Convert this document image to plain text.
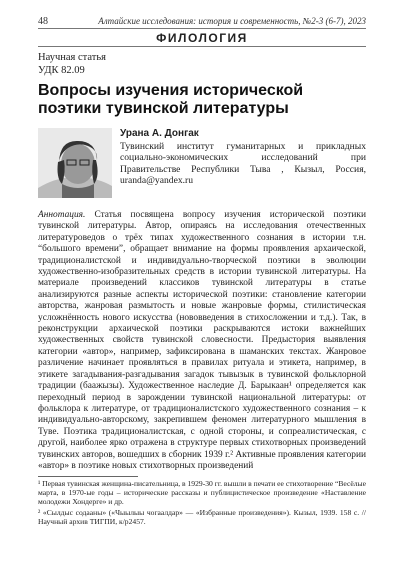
48	Алтайские исследования: история и современность, №2-3 (6-7), 2023
ФИЛОЛОГИЯ
Научная статья
УДК 82.09
Вопросы изучения исторической поэтики тувинской литературы
Урана А. Донгак
Тувинский институт гуманитарных и прикладных социально-экономических исследований при Правительстве Республики Тыва , Кызыл, Россия, uranda@yandex.ru
Аннотация. Статья посвящена вопросу изучения исторической поэтики тувинской литературы. Автор, опираясь на исследования отечественных литературоведов о трёх типах художественного сознания в истории т.н. “большого времени”, обращает внимание на формы проявления архаической, традиционалистской и индивидуально-творческой поэтики в эволюции художественно-изобразительных средств в истории тувинской литературы. На материале произведений классиков тувинской литературы в статье анализируются разные аспекты исторической поэтики: становление категории авторства, жанровая размытость и новые жанровые формы, стилистическая усложнённость нового искусства (нововведения в стихосложении и т.д.). Так, в реконструкции архаической поэтики раскрываются истоки важнейших художественных свойств тувинской словесности. Предыстория выявления категории «автор», например, зафиксирована в шаманских текстах. Жанровое различение начинает проявляться в правилах ритуала и этикета, например, в этикете загадывания-разгадывания загадок тывызык в тувинской фольклорной традиции (баажызы). Художественное наследие Д. Барыкаан¹ определяется как переходный период в зарождении тувинской национальной литературы: от фольклора к литературе, от традиционалистского художественного сознания – к индивидуально-авторскому, закрепившем феномен литературного мышления в Туве. Поэтика традиционалистская, с одной стороны, и сопреалистическая, с другой, наиболее ярко отражена в структуре первых стихотворных произведений тувинских авторов, вошедших в сборник 1939 г.² Активные проявления категории «автор» в поэтике новых стихотворных произведений
¹ Первая тувинская женщина-писательница, в 1929-30 гг. вышли в печати ее стихотворение “Весёлые марта, в 1970-ые годы – исторические рассказы и публицистическое произведение «Наставление молодежи Хондерге» и др.
² «Сылдыс содааны» («Чыылыы чогаалдар» — «Избранные произведения»). Кызыл, 1939. 158 с. // Научный архив ТИГПИ, к/р2457.
